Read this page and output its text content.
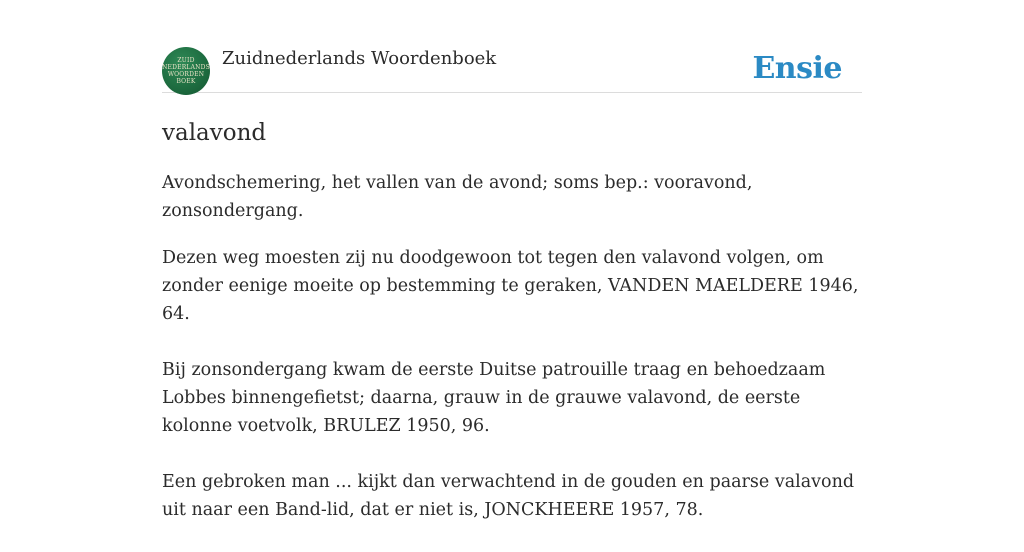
ZUID
NEDERLANDS
WOORDEN
BOEK
Zuidnederlands Woordenboek	Ensie
valavond

Avondschemering, het vallen van de avond; soms bep.: vooravond, zonsondergang.

Dezen weg moesten zij nu doodgewoon tot tegen den valavond volgen, om zonder eenige moeite op bestemming te geraken, VANDEN MAELDERE 1946, 64.

Bij zonsondergang kwam de eerste Duitse patrouille traag en behoedzaam Lobbes binnengefietst; daarna, grauw in de grauwe valavond, de eerste kolonne voetvolk, BRULEZ 1950, 96.

Een gebroken man ... kijkt dan verwachtend in de gouden en paarse valavond uit naar een Band-lid, dat er niet is, JONCKHEERE 1957, 78.
